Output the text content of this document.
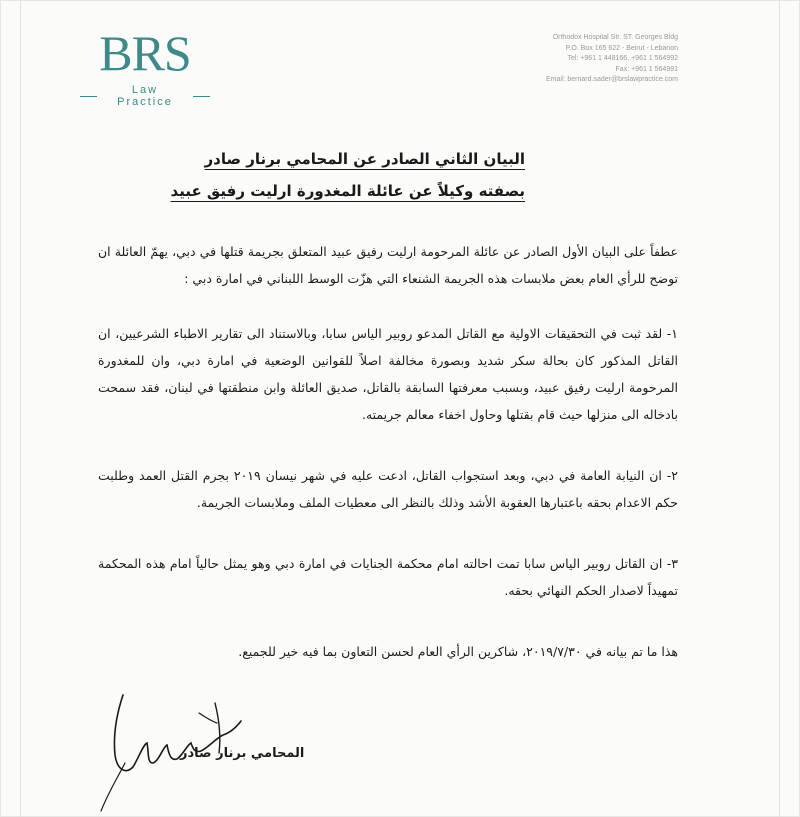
BRS
Law Practice
Orthodox Hospital Str. ST. Georges Bldg
P.O. Box 165 622 - Beirut - Lebanon
Tel: +961 1 448166, +961 1 564992
Fax: +961 1 564991
Email: bernard.sader@brslawpractice.com
البيان الثاني الصادر عن المحامي برنار صادر
بصفته وكيلاً عن عائلة المغدورة ارليت رفيق عبيد

عطفاً على البيان الأول الصادر عن عائلة المرحومة ارليت رفيق عبيد المتعلق بجريمة قتلها في دبي، يهمّ العائلة ان توضح للرأي العام بعض ملابسات هذه الجريمة الشنعاء التي هزّت الوسط اللبناني في امارة دبي :

١- لقد ثبت في التحقيقات الاولية مع القاتل المدعو روبير الياس سابا، وبالاستناد الى تقارير الاطباء الشرعيين، ان القاتل المذكور كان بحالة سكر شديد وبصورة مخالفة اصلاً للقوانين الوضعية في امارة دبي، وان للمغدورة المرحومة ارليت رفيق عبيد، وبسبب معرفتها السابقة بالقاتل، صديق العائلة وابن منطقتها في لبنان، فقد سمحت بادخاله الى منزلها حيث قام بقتلها وحاول اخفاء معالم جريمته.

٢- ان النيابة العامة في دبي، وبعد استجواب القاتل، ادعت عليه في شهر نيسان ٢٠١٩ بجرم القتل العمد وطلبت حكم الاعدام بحقه باعتبارها العقوبة الأشد وذلك بالنظر الى معطيات الملف وملابسات الجريمة.

٣- ان القاتل روبير الياس سابا تمت احالته امام محكمة الجنايات في امارة دبي وهو يمثل حالياً امام هذه المحكمة تمهيداً لاصدار الحكم النهائي بحقه.

هذا ما تم بيانه في ٢٠١٩/٧/٣٠، شاكرين الرأي العام لحسن التعاون بما فيه خير للجميع.

المحامي برنار صادر
